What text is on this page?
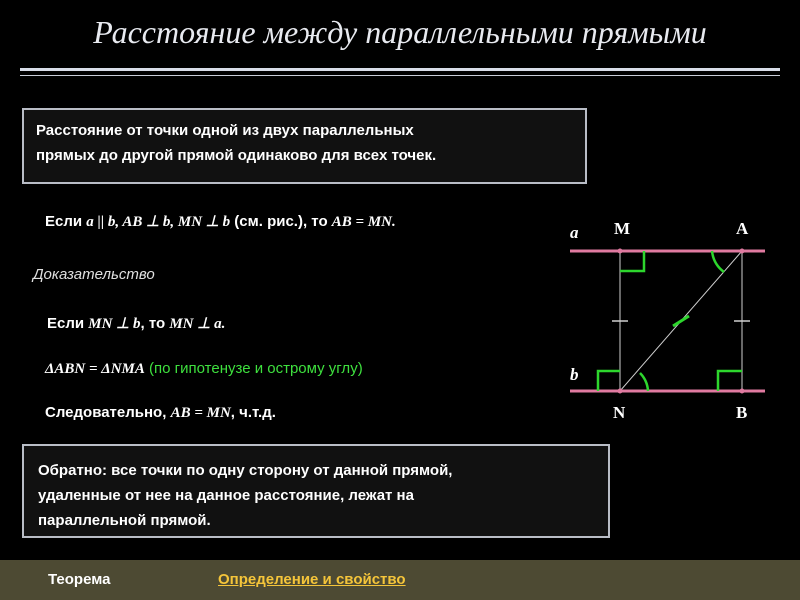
Расстояние между параллельными прямыми
Расстояние от точки одной из двух параллельных
прямых до другой прямой одинаково для всех точек.
Если a || b, AB ⊥ b, MN ⊥ b (см. рис.), то AB = MN.
Доказательство
Если MN ⊥ b, то MN ⊥ a.
ΔABN = ΔNMA (по гипотенузе и острому углу)
Следовательно, AB = MN, ч.т.д.
Обратно: все точки по одну сторону от данной прямой,
удаленные от нее на данное расстояние, лежат на
параллельной прямой.
a M	A
b
N	B
Теорема	Определение и свойство
